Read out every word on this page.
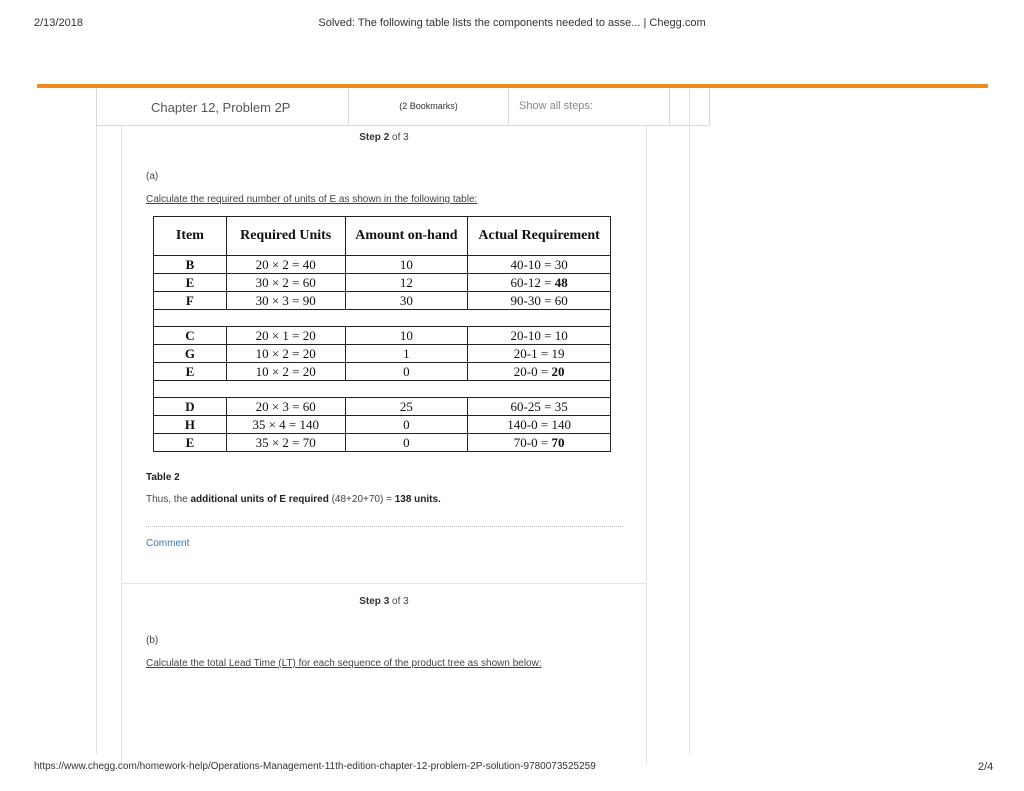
2/13/2018	Solved: The following table lists the components needed to asse... | Chegg.com
Chapter 12, Problem 2P	(2 Bookmarks)	Show all steps:
Step 2 of 3
(a)
Calculate the required number of units of E as shown in the following table:
Item	Required Units	Amount on-hand	Actual Requirement
B	20 × 2 = 40	10	40-10 = 30
E	30 × 2 = 60	12	60-12 = 48
F	30 × 3 = 90	30	90-30 = 60

C	20 × 1 = 20	10	20-10 = 10
G	10 × 2 = 20	1	20-1 = 19
E	10 × 2 = 20	0	20-0 = 20

D	20 × 3 = 60	25	60-25 = 35
H	35 × 4 = 140	0	140-0 = 140
E	35 × 2 = 70	0	70-0 = 70
Table 2
Thus, the additional units of E required (48+20+70) = 138 units.
Comment
Step 3 of 3
(b)
Calculate the total Lead Time (LT) for each sequence of the product tree as shown below:
https://www.chegg.com/homework-help/Operations-Management-11th-edition-chapter-12-problem-2P-solution-9780073525259	2/4
